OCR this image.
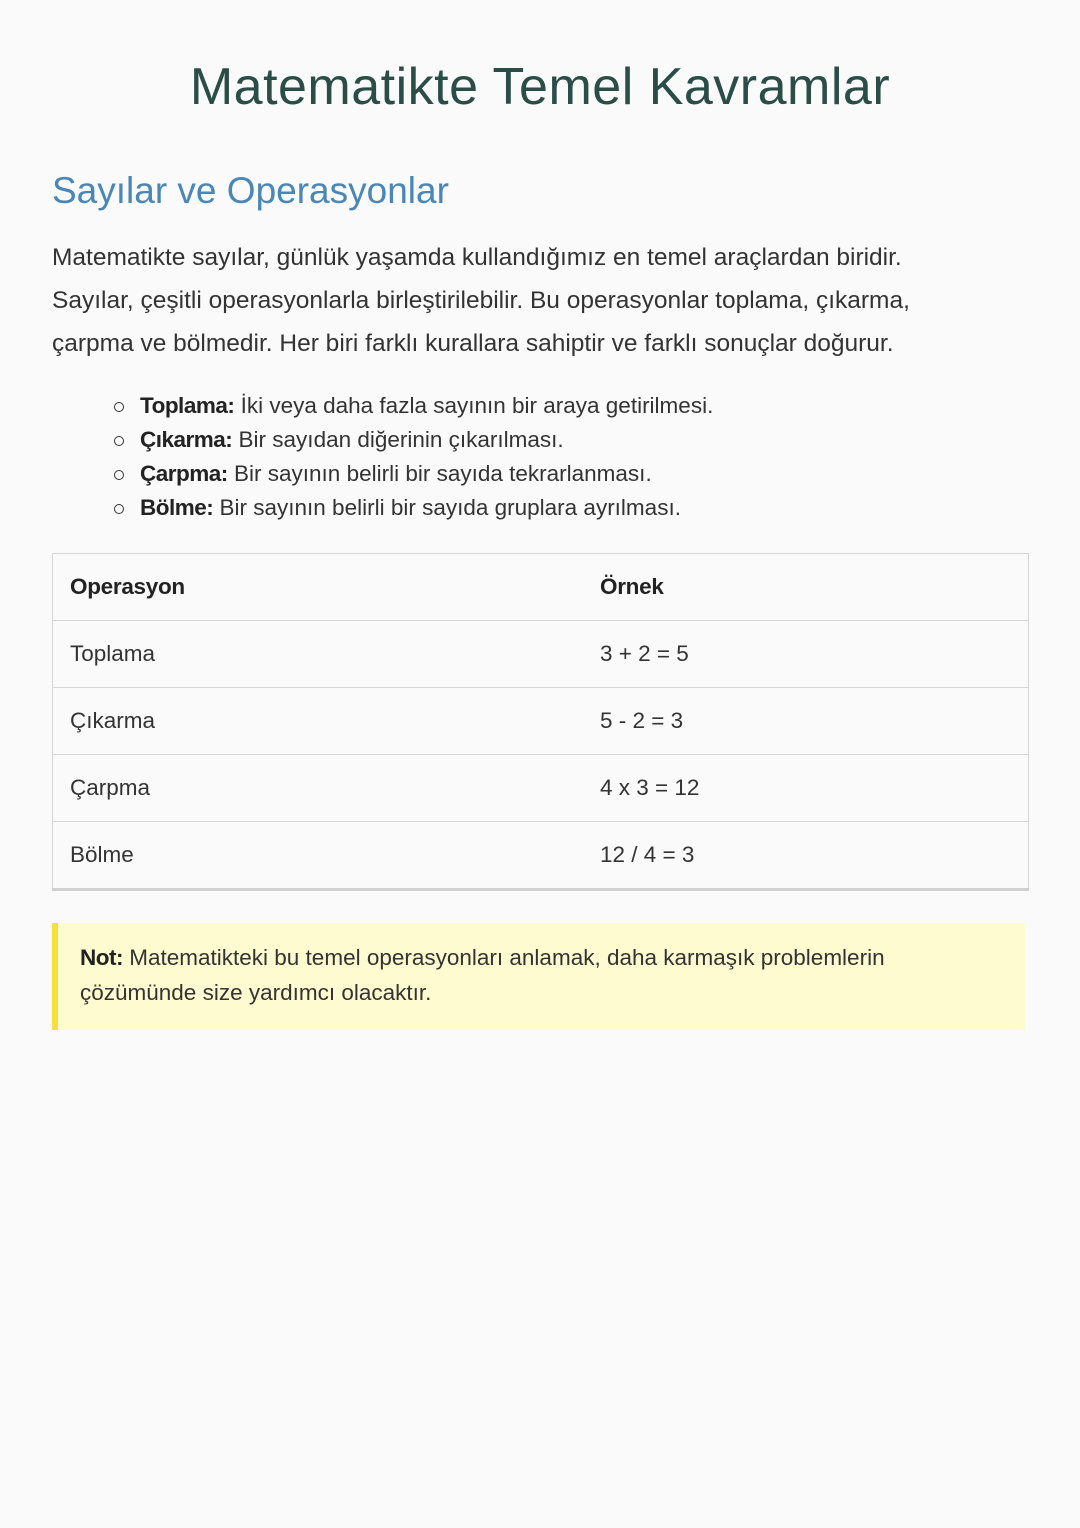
Matematikte Temel Kavramlar
Sayılar ve Operasyonlar
Matematikte sayılar, günlük yaşamda kullandığımız en temel araçlardan biridir.
Sayılar, çeşitli operasyonlarla birleştirilebilir. Bu operasyonlar toplama, çıkarma,
çarpma ve bölmedir. Her biri farklı kurallara sahiptir ve farklı sonuçlar doğurur.
Toplama: İki veya daha fazla sayının bir araya getirilmesi.
Çıkarma: Bir sayıdan diğerinin çıkarılması.
Çarpma: Bir sayının belirli bir sayıda tekrarlanması.
Bölme: Bir sayının belirli bir sayıda gruplara ayrılması.
Operasyon	Örnek
Toplama	3 + 2 = 5
Çıkarma	5 - 2 = 3
Çarpma	4 x 3 = 12
Bölme	12 / 4 = 3

Not: Matematikteki bu temel operasyonları anlamak, daha karmaşık problemlerin
çözümünde size yardımcı olacaktır.
